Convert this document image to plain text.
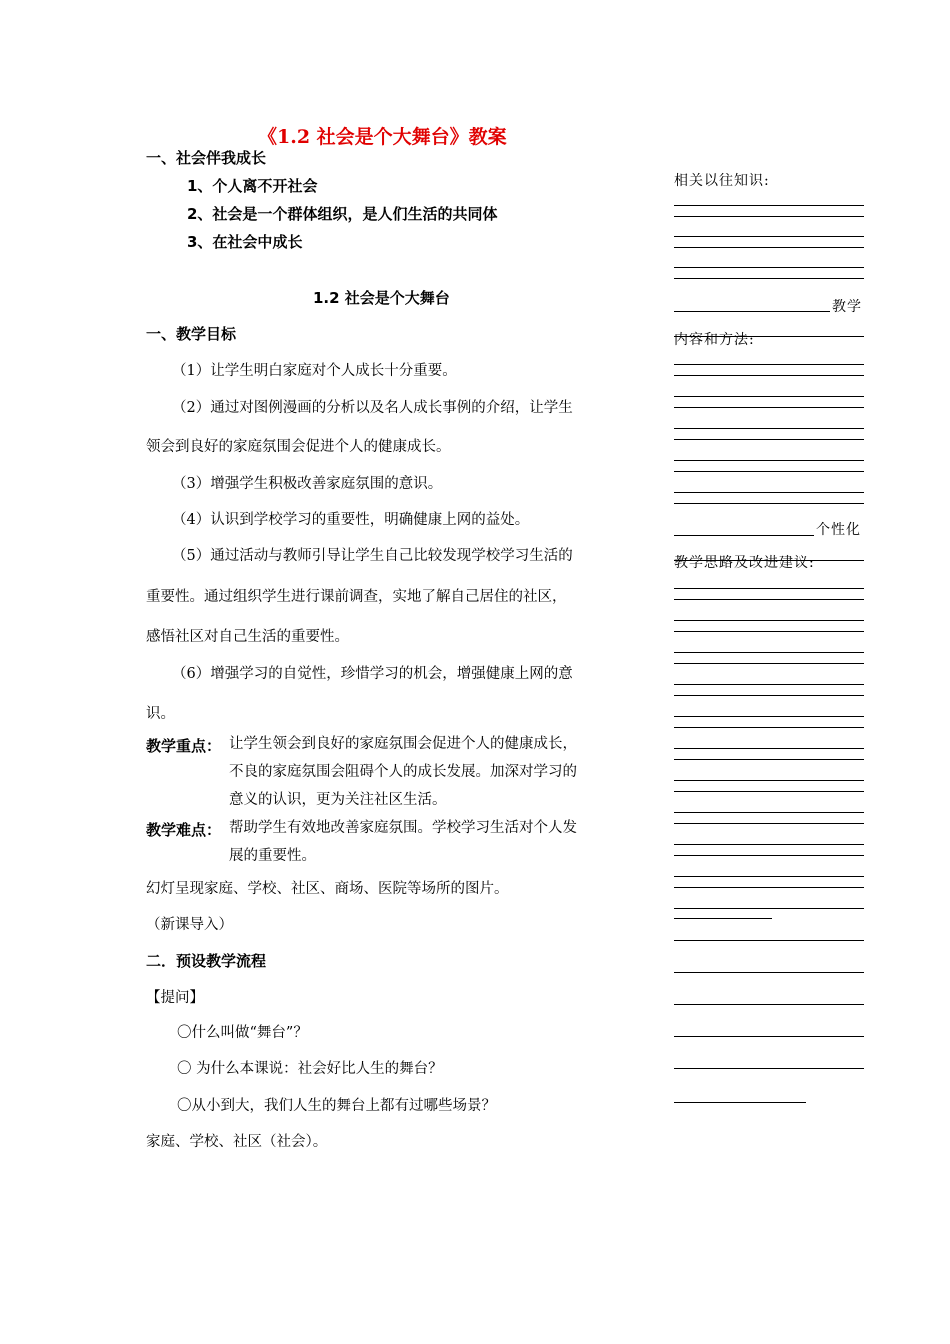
《1.2 社会是个大舞台》教案
一、社会伴我成长
1、个人离不开社会
2、社会是一个群体组织，是人们生活的共同体
3、在社会中成长
1.2 社会是个大舞台
一、教学目标
（1）让学生明白家庭对个人成长十分重要。
（2）通过对图例漫画的分析以及名人成长事例的介绍，让学生
领会到良好的家庭氛围会促进个人的健康成长。
（3）增强学生积极改善家庭氛围的意识。
（4）认识到学校学习的重要性，明确健康上网的益处。
（5）通过活动与教师引导让学生自己比较发现学校学习生活的
重要性。通过组织学生进行课前调查，实地了解自己居住的社区，
感悟社区对自己生活的重要性。
（6）增强学习的自觉性，珍惜学习的机会，增强健康上网的意
识。
教学重点： 让学生领会到良好的家庭氛围会促进个人的健康成长，
不良的家庭氛围会阻碍个人的成长发展。加深对学习的
意义的认识，更为关注社区生活。
教学难点： 帮助学生有效地改善家庭氛围。学校学习生活对个人发
展的重要性。
幻灯呈现家庭、学校、社区、商场、医院等场所的图片。
（新课导入）
二．预设教学流程
【提问】
〇什么叫做“舞台”？
〇 为什么本课说：社会好比人生的舞台？
〇从小到大，我们人生的舞台上都有过哪些场景？
家庭、学校、社区（社会）。
相关以往知识:
教学
内容和方法:
个性化
教学思路及改进建议:
